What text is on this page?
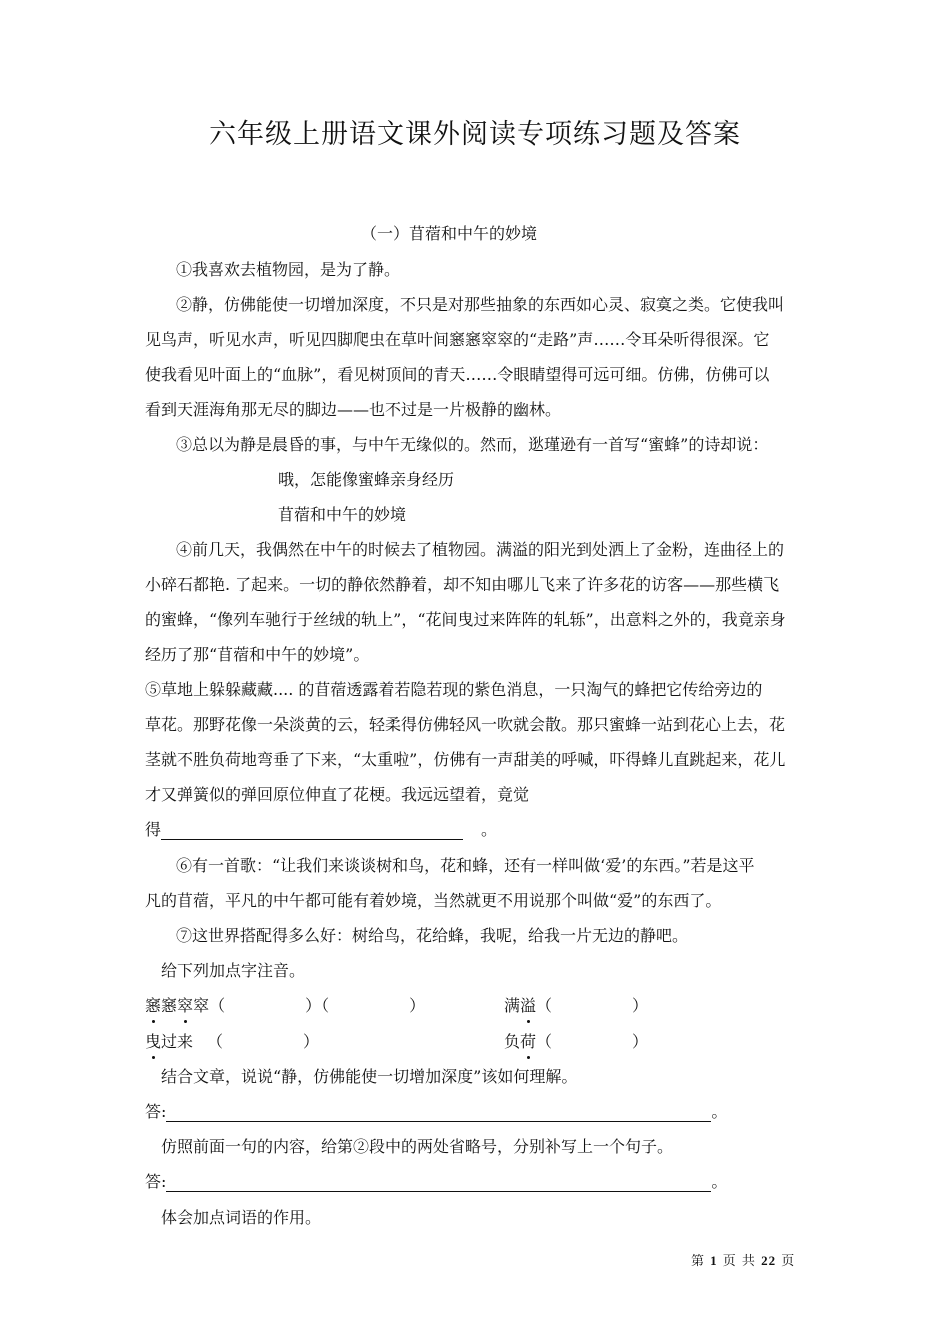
六年级上册语文课外阅读专项练习题及答案
（一）苜蓿和中午的妙境
①我喜欢去植物园，是为了静。
②静，仿佛能使一切增加深度，不只是对那些抽象的东西如心灵、寂寞之类。它使我叫
见鸟声，听见水声，听见四脚爬虫在草叶间窸窸窣窣的“走路”声……令耳朵听得很深。它
使我看见叶面上的“血脉”，看见树顶间的青天……令眼睛望得可远可细。仿佛，仿佛可以
看到天涯海角那无尽的脚边——也不过是一片极静的幽林。
③总以为静是晨昏的事，与中午无缘似的。然而，逖瑾逊有一首写“蜜蜂”的诗却说：
哦，怎能像蜜蜂亲身经历
苜蓿和中午的妙境
④前几天，我偶然在中午的时候去了植物园。满溢的阳光到处洒上了金粉，连曲径上的
小碎石都艳. 了起来。一切的静依然静着，却不知由哪儿飞来了许多花的访客——那些横飞
的蜜蜂，“像列车驰行于丝绒的轨上”，“花间曳过来阵阵的轧轹”，出意料之外的，我竟亲身
经历了那“苜蓿和中午的妙境”。
⑤草地上躲躲藏藏.... 的苜蓿透露着若隐若现的紫色消息，一只淘气的蜂把它传给旁边的
草花。那野花像一朵淡黄的云，轻柔得仿佛轻风一吹就会散。那只蜜蜂一站到花心上去，花
茎就不胜负荷地弯垂了下来，“太重啦”，仿佛有一声甜美的呼喊，吓得蜂儿直跳起来，花儿
才又弹簧似的弹回原位伸直了花梗。我远远望着，竟觉
得	。
⑥有一首歌：“让我们来谈谈树和鸟，花和蜂，还有一样叫做‘爱’的东西。”若是这平
凡的苜蓿，平凡的中午都可能有着妙境，当然就更不用说那个叫做“爱”的东西了。
⑦这世界搭配得多么好：树给鸟，花给蜂，我呢，给我一片无边的静吧。
给下列加点字注音。
窸窸窣窣（　　　　　）（　　　　　）	满溢（　　　　　）
曳过来 （　　　　　）	负荷（　　　　　）
结合文章，说说“静，仿佛能使一切增加深度”该如何理解。
答:	。
仿照前面一句的内容，给第②段中的两处省略号，分别补写上一个句子。
答:	。
体会加点词语的作用。
第 1 页 共 22 页
